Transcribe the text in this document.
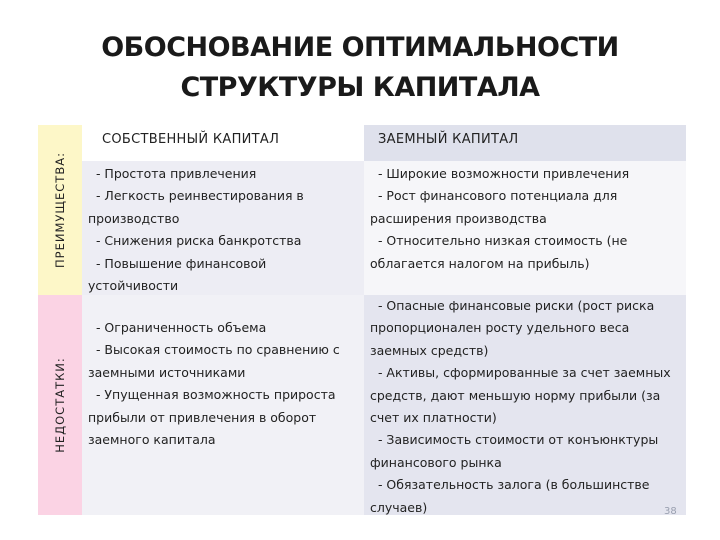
ОБОСНОВАНИЕ ОПТИМАЛЬНОСТИ
СТРУКТУРЫ КАПИТАЛА
ПРЕИМУЩЕСТВА:
НЕДОСТАТКИ:
СОБСТВЕННЫЙ КАПИТАЛ	ЗАЕМНЫЙ КАПИТАЛ
- Простота привлечения
- Легкость реинвестирования в
производство
- Снижения риска банкротства
- Повышение финансовой
устойчивости
- Широкие возможности привлечения
- Рост финансового потенциала для
расширения производства
- Относительно низкая стоимость (не
облагается налогом на прибыль)
- Ограниченность объема
- Высокая стоимость по сравнению с
заемными источниками
- Упущенная возможность прироста
прибыли от привлечения в оборот
заемного капитала
- Опасные финансовые риски (рост риска
пропорционален росту удельного веса
заемных средств)
- Активы, сформированные за счет заемных
средств, дают меньшую норму прибыли (за
счет их платности)
- Зависимость стоимости от конъюнктуры
финансового рынка
- Обязательность залога (в большинстве
случаев)	38
